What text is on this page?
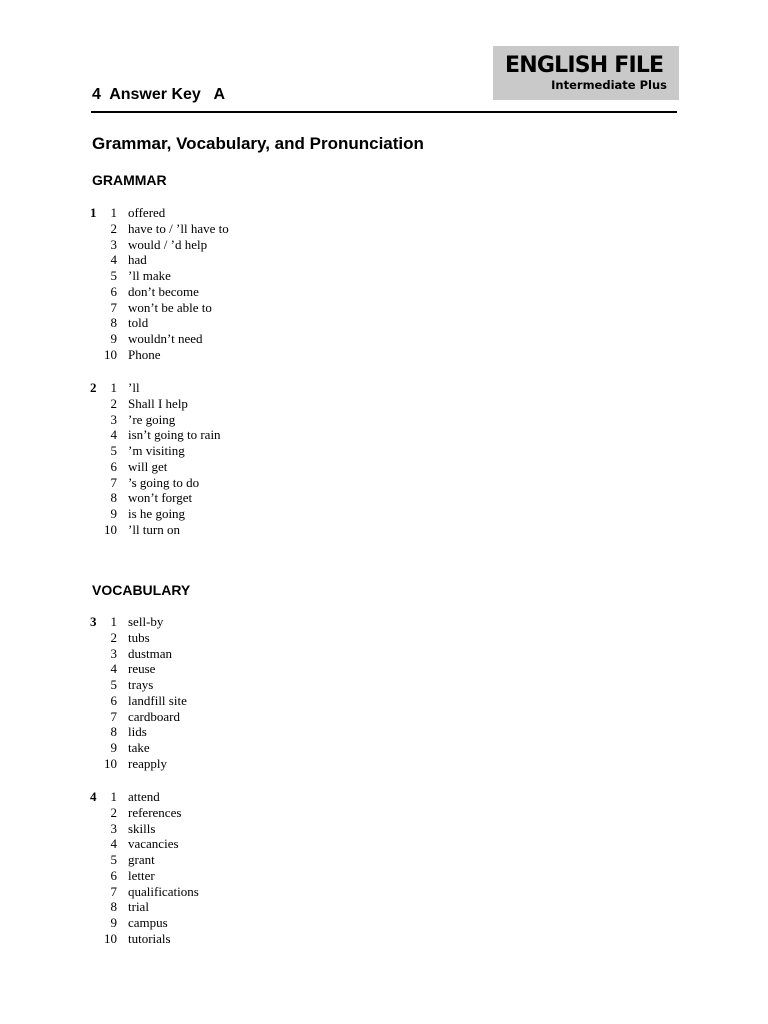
ENGLISH FILE
Intermediate Plus
4  Answer Key   A
Grammar, Vocabulary, and Pronunciation
GRAMMAR
VOCABULARY
1	1 offered
2 have to / ’ll have to
3 would / ’d help
4 had
5 ’ll make
6 don’t become
7 won’t be able to
8 told
9 wouldn’t need
10 Phone
2	1 ’ll
2 Shall I help
3 ’re going
4 isn’t going to rain
5 ’m visiting
6 will get
7 ’s going to do
8 won’t forget
9 is he going
10 ’ll turn on
3	1 sell-by
2 tubs
3 dustman
4 reuse
5 trays
6 landfill site
7 cardboard
8 lids
9 take
10 reapply
4	1 attend
2 references
3 skills
4 vacancies
5 grant
6 letter
7 qualifications
8 trial
9 campus
10 tutorials
